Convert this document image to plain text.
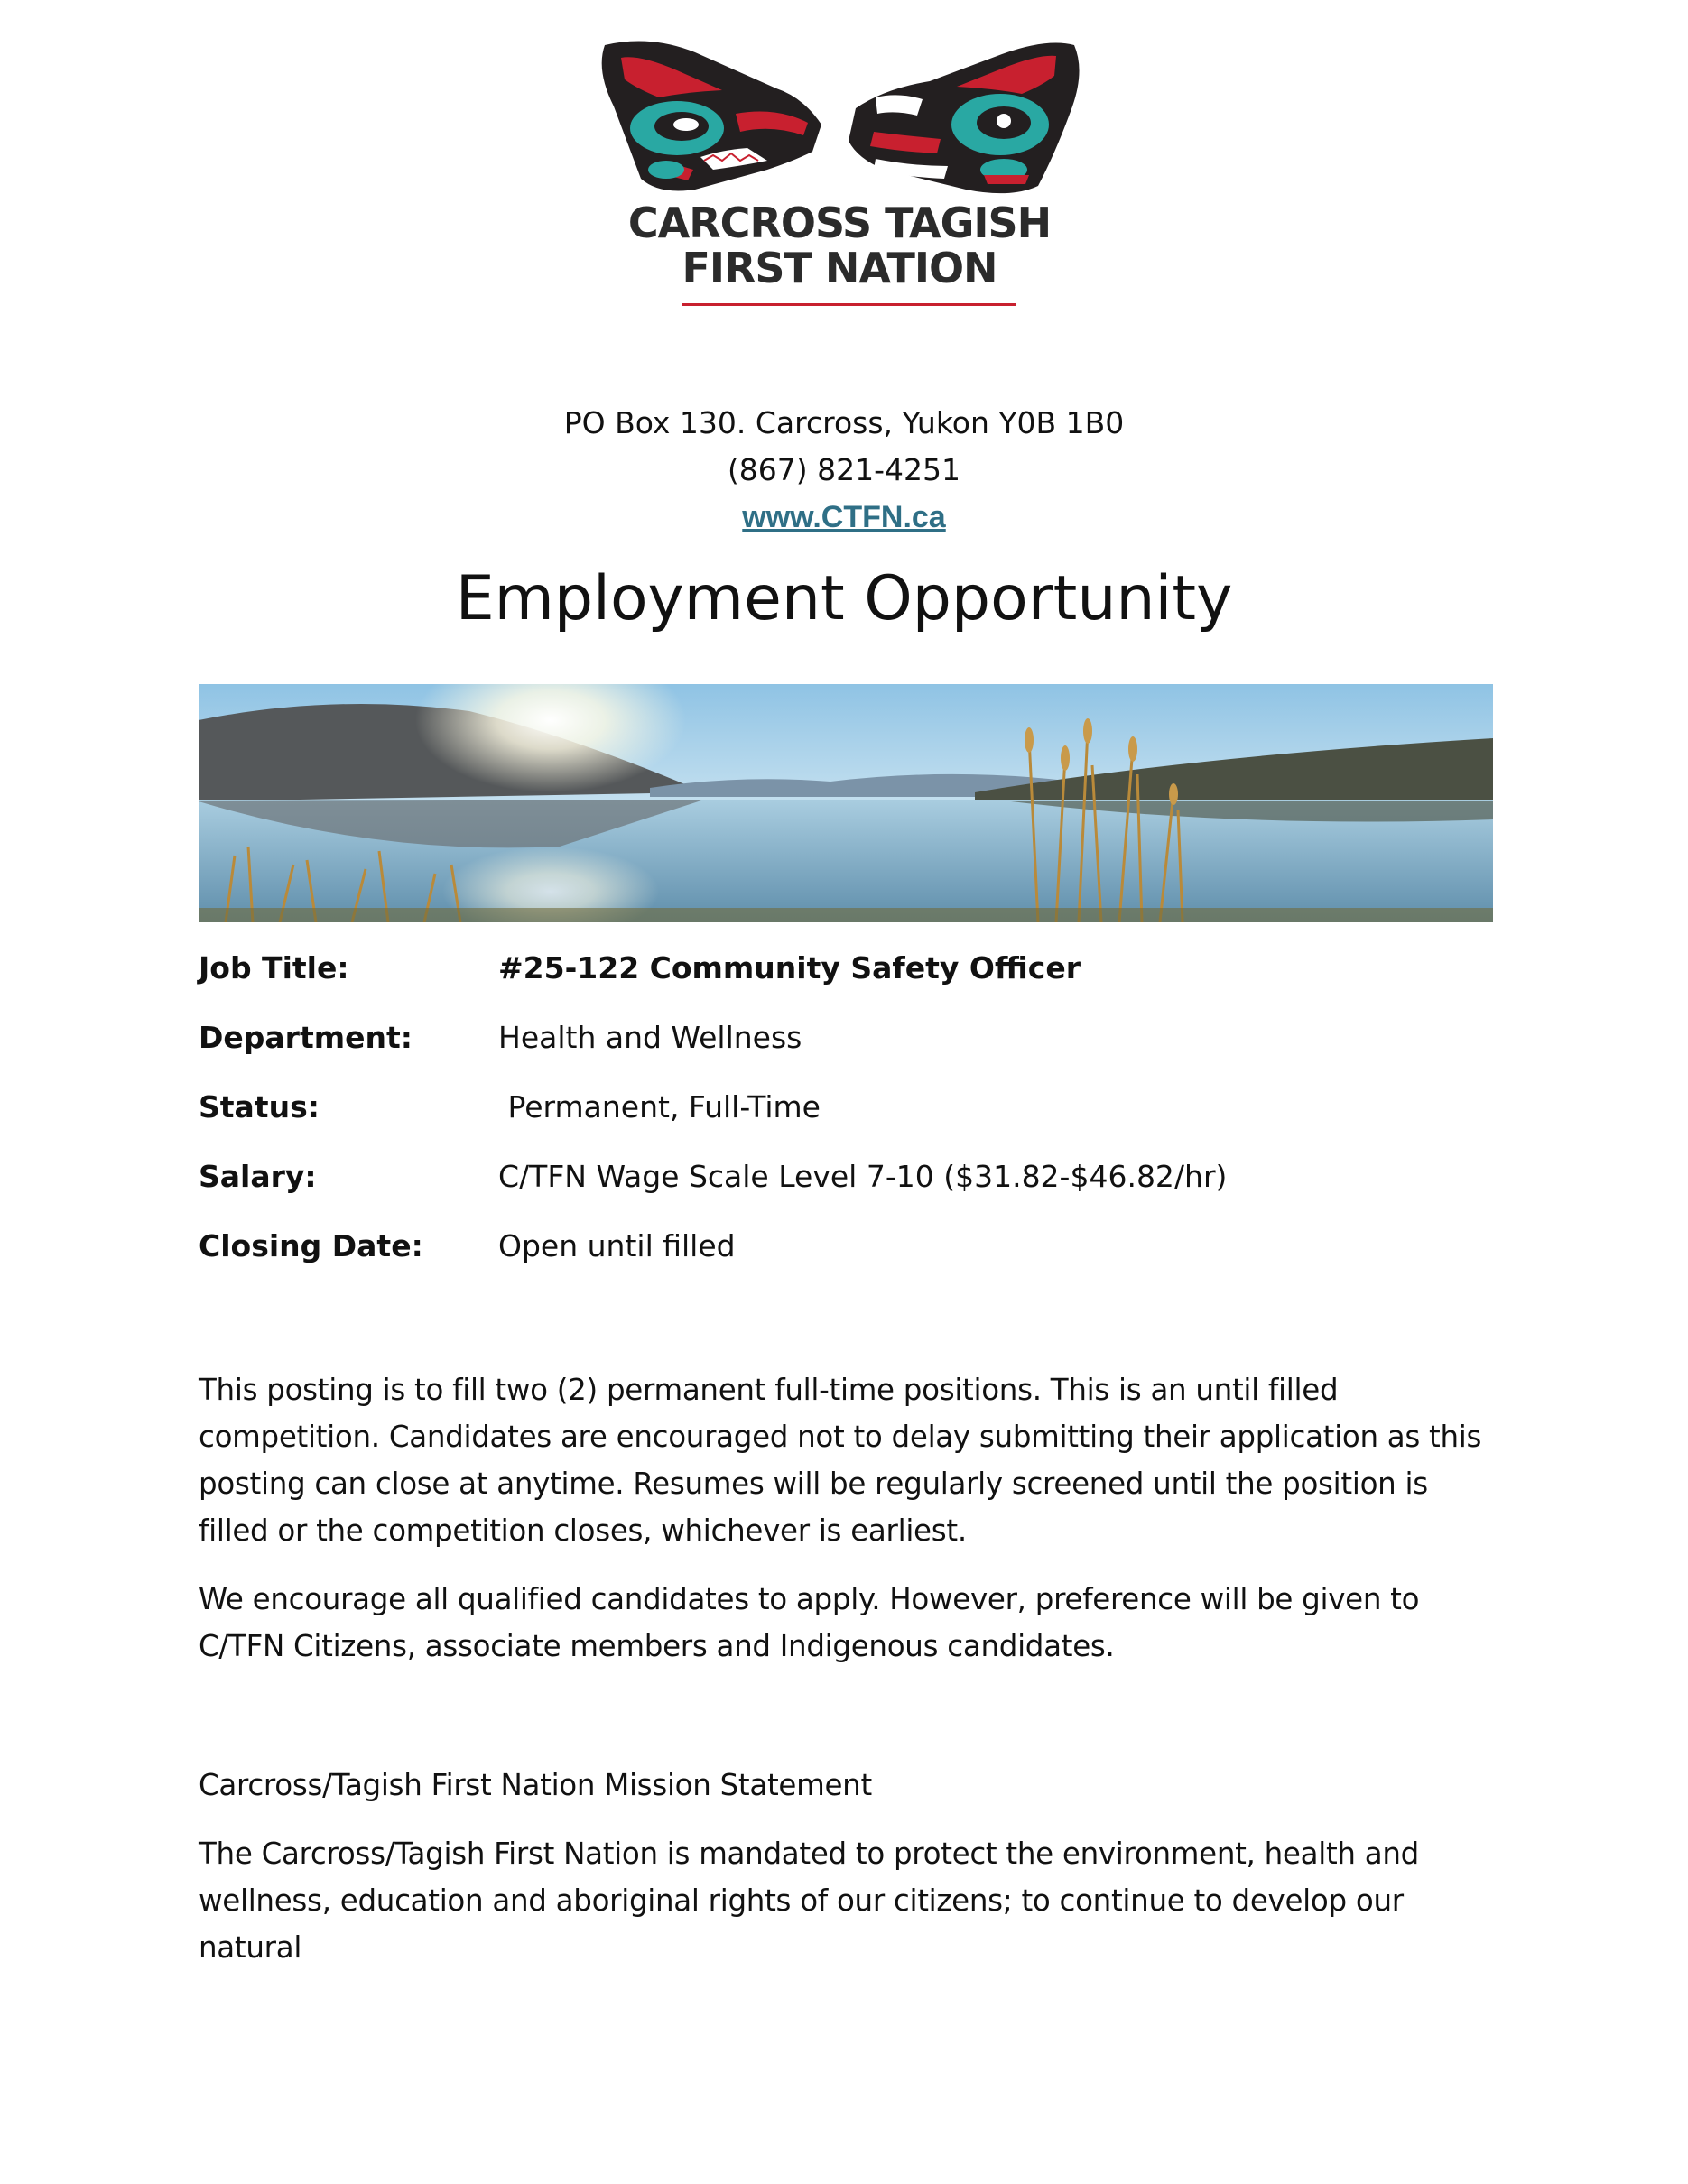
CARCROSS TAGISH
FIRST NATION
PO Box 130. Carcross, Yukon Y0B 1B0
(867) 821-4251
www.CTFN.ca
Employment Opportunity
Job Title:	#25-122 Community Safety Officer
Department:	Health and Wellness
Status:	Permanent, Full-Time
Salary:	C/TFN Wage Scale Level 7-10 ($31.82-$46.82/hr)
Closing Date:	Open until filled

This posting is to fill two (2) permanent full-time positions. This is an until filled competition. Candidates are encouraged not to delay submitting their application as this posting can close at anytime. Resumes will be regularly screened until the position is filled or the competition closes, whichever is earliest.

We encourage all qualified candidates to apply. However, preference will be given to C/TFN Citizens, associate members and Indigenous candidates.

Carcross/Tagish First Nation Mission Statement

The Carcross/Tagish First Nation is mandated to protect the environment, health and wellness, education and aboriginal rights of our citizens; to continue to develop our natural
